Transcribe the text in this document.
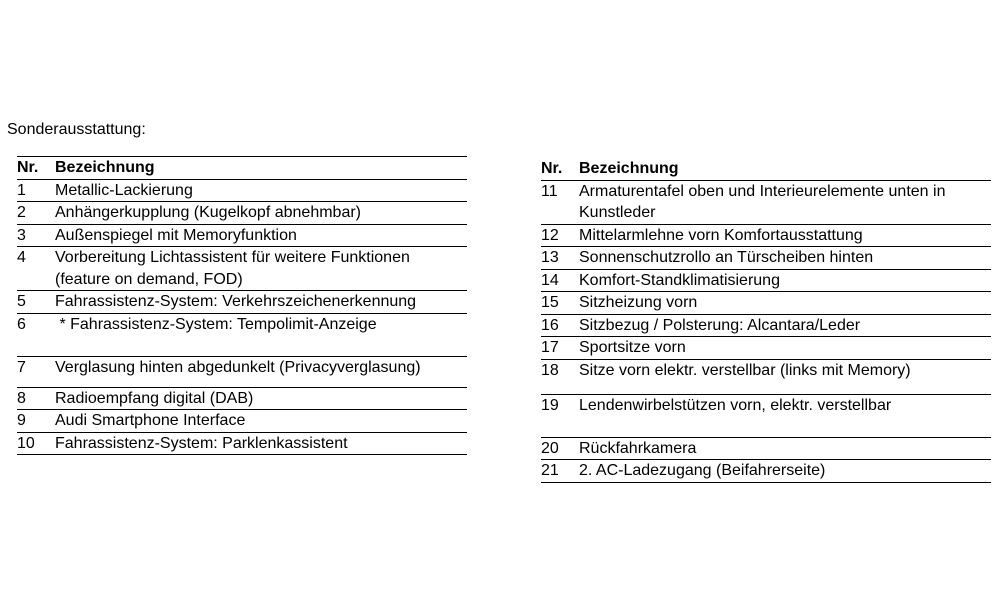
Sonderausstattung:
Nr.	Bezeichnung
1	Metallic-Lackierung
2	Anhängerkupplung (Kugelkopf abnehmbar)
3	Außenspiegel mit Memoryfunktion
4	Vorbereitung Lichtassistent für weitere Funktionen (feature on demand, FOD)
5	Fahrassistenz-System: Verkehrszeichenerkennung
6	* Fahrassistenz-System: Tempolimit-Anzeige
7	Verglasung hinten abgedunkelt (Privacyverglasung)
8	Radioempfang digital (DAB)
9	Audi Smartphone Interface
10	Fahrassistenz-System: Parklenkassistent
Nr.	Bezeichnung
11	Armaturentafel oben und Interieurelemente unten in Kunstleder
12	Mittelarmlehne vorn Komfortausstattung
13	Sonnenschutzrollo an Türscheiben hinten
14	Komfort-Standklimatisierung
15	Sitzheizung vorn
16	Sitzbezug / Polsterung: Alcantara/Leder
17	Sportsitze vorn
18	Sitze vorn elektr. verstellbar (links mit Memory)
19	Lendenwirbelstützen vorn, elektr. verstellbar
20	Rückfahrkamera
21	2. AC-Ladezugang (Beifahrerseite)
